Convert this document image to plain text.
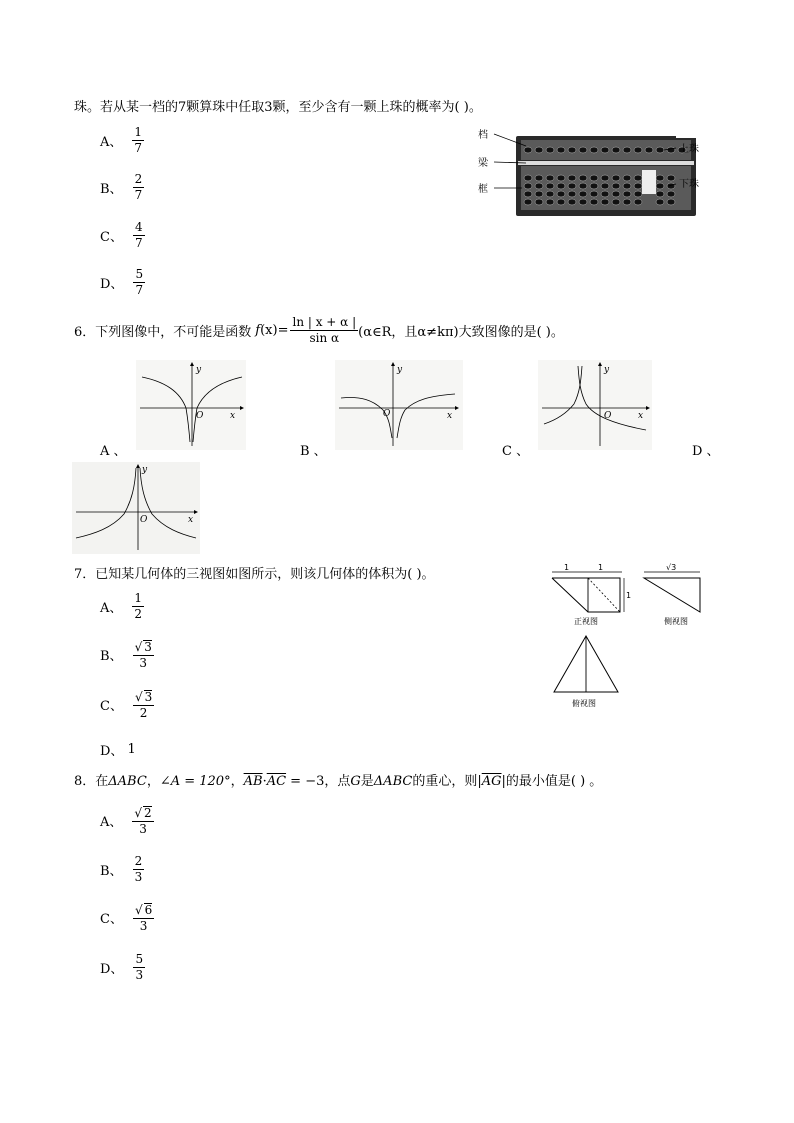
珠。若从某一档的7颗算珠中任取3颗，至少含有一颗上珠的概率为( )。
A、 $\frac{1}{7}$
B、 $\frac{2}{7}$
C、 $\frac{4}{7}$
D、 $\frac{5}{7}$
档
梁
框
上珠
下珠
6．下列图像中，不可能是函数 f $(x) = \frac{\ln | x + \alpha |}{\text{sin α}}$ (α∈R，且α≠kπ) 大致图像的是( )。
x
y
O	x
y
O	x
y
O
A 、	B 、	C 、	D 、
x
y
O
7．已知某几何体的三视图如图所示，则该几何体的体积为( )。
A、 $\frac{1}{2}$
B、 $\frac{√ 3}{3}$
C、 $\frac{√ 3}{2}$
D、 1
1	1
1
正视图
√3
侧视图
俯视图
8．在ΔABC，∠A = 120°，$\overline{AB}\cdot\overline{AC} = -3$，点G是ΔABC的重心，则$|\overline{AG}|$的最小值是( ) 。
A、 $\frac{√ 2}{3}$
B、 $\frac{2}{3}$
C、 $\frac{√ 6}{3}$
D、 $\frac{5}{3}$
